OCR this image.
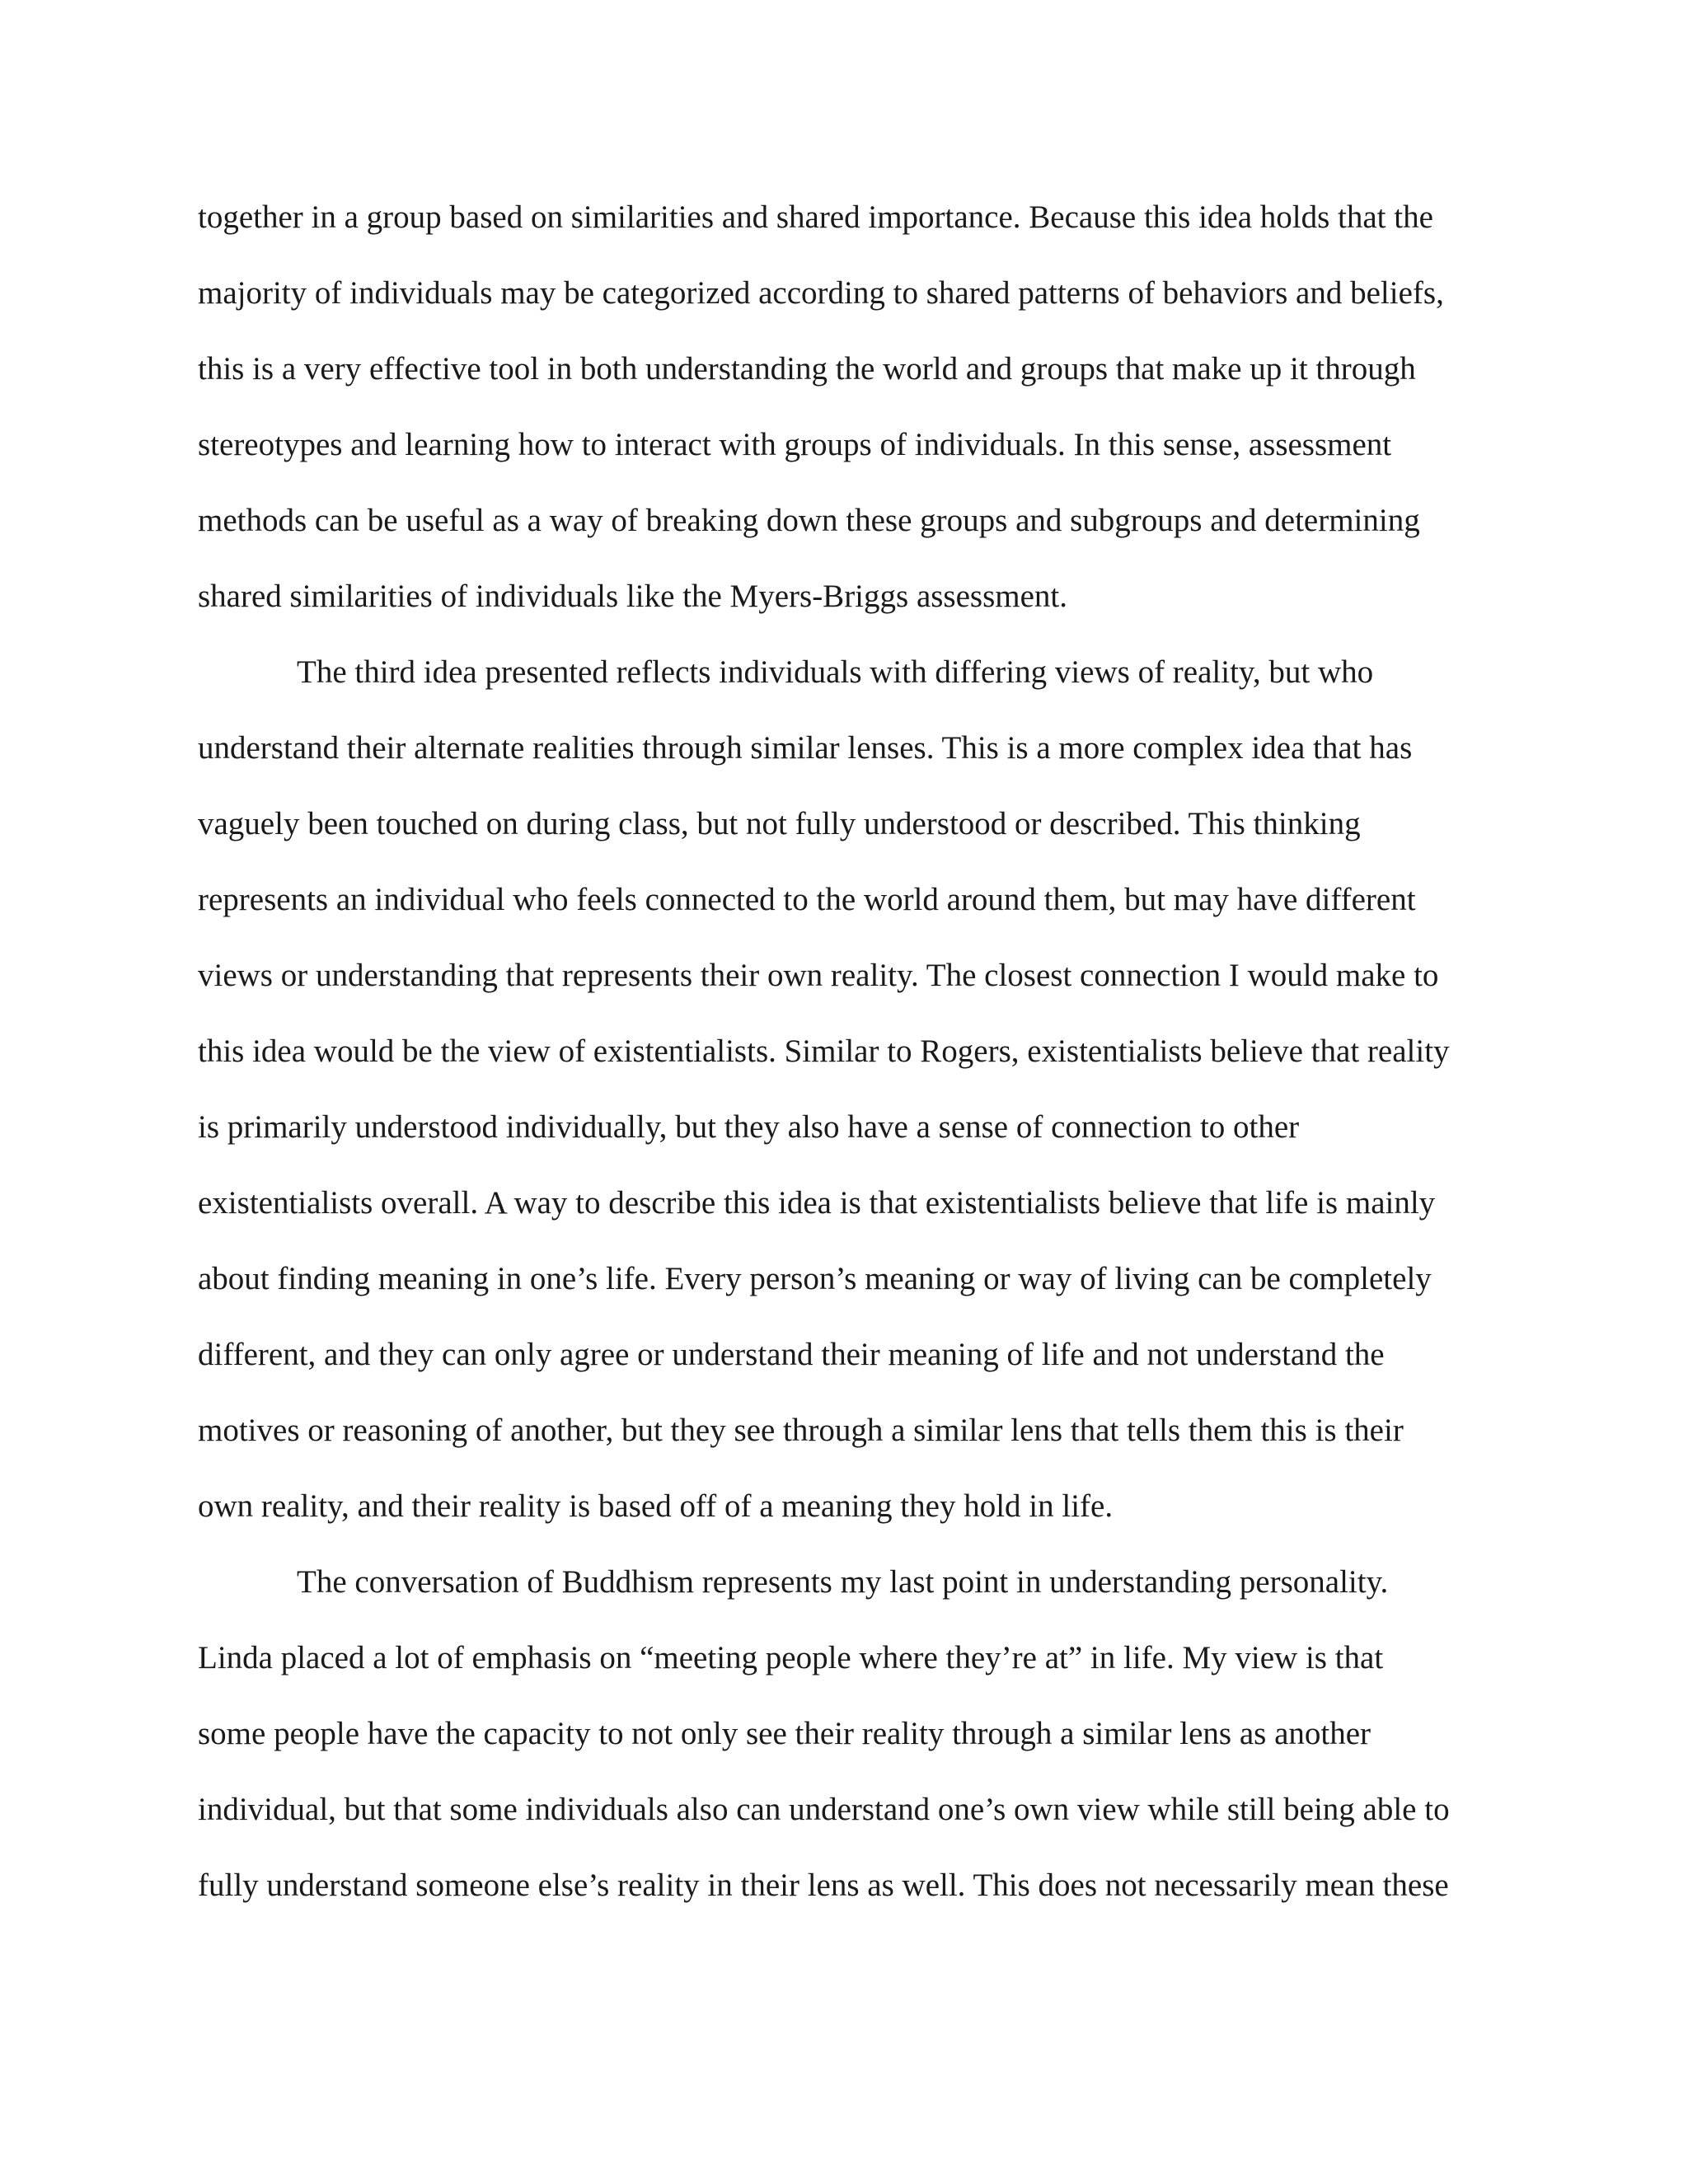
together in a group based on similarities and shared importance. Because this idea holds that the
majority of individuals may be categorized according to shared patterns of behaviors and beliefs,
this is a very effective tool in both understanding the world and groups that make up it through
stereotypes and learning how to interact with groups of individuals. In this sense, assessment
methods can be useful as a way of breaking down these groups and subgroups and determining
shared similarities of individuals like the Myers-Briggs assessment.
The third idea presented reflects individuals with differing views of reality, but who
understand their alternate realities through similar lenses. This is a more complex idea that has
vaguely been touched on during class, but not fully understood or described. This thinking
represents an individual who feels connected to the world around them, but may have different
views or understanding that represents their own reality. The closest connection I would make to
this idea would be the view of existentialists. Similar to Rogers, existentialists believe that reality
is primarily understood individually, but they also have a sense of connection to other
existentialists overall. A way to describe this idea is that existentialists believe that life is mainly
about finding meaning in one’s life. Every person’s meaning or way of living can be completely
different, and they can only agree or understand their meaning of life and not understand the
motives or reasoning of another, but they see through a similar lens that tells them this is their
own reality, and their reality is based off of a meaning they hold in life.
The conversation of Buddhism represents my last point in understanding personality.
Linda placed a lot of emphasis on “meeting people where they’re at” in life. My view is that
some people have the capacity to not only see their reality through a similar lens as another
individual, but that some individuals also can understand one’s own view while still being able to
fully understand someone else’s reality in their lens as well. This does not necessarily mean these
